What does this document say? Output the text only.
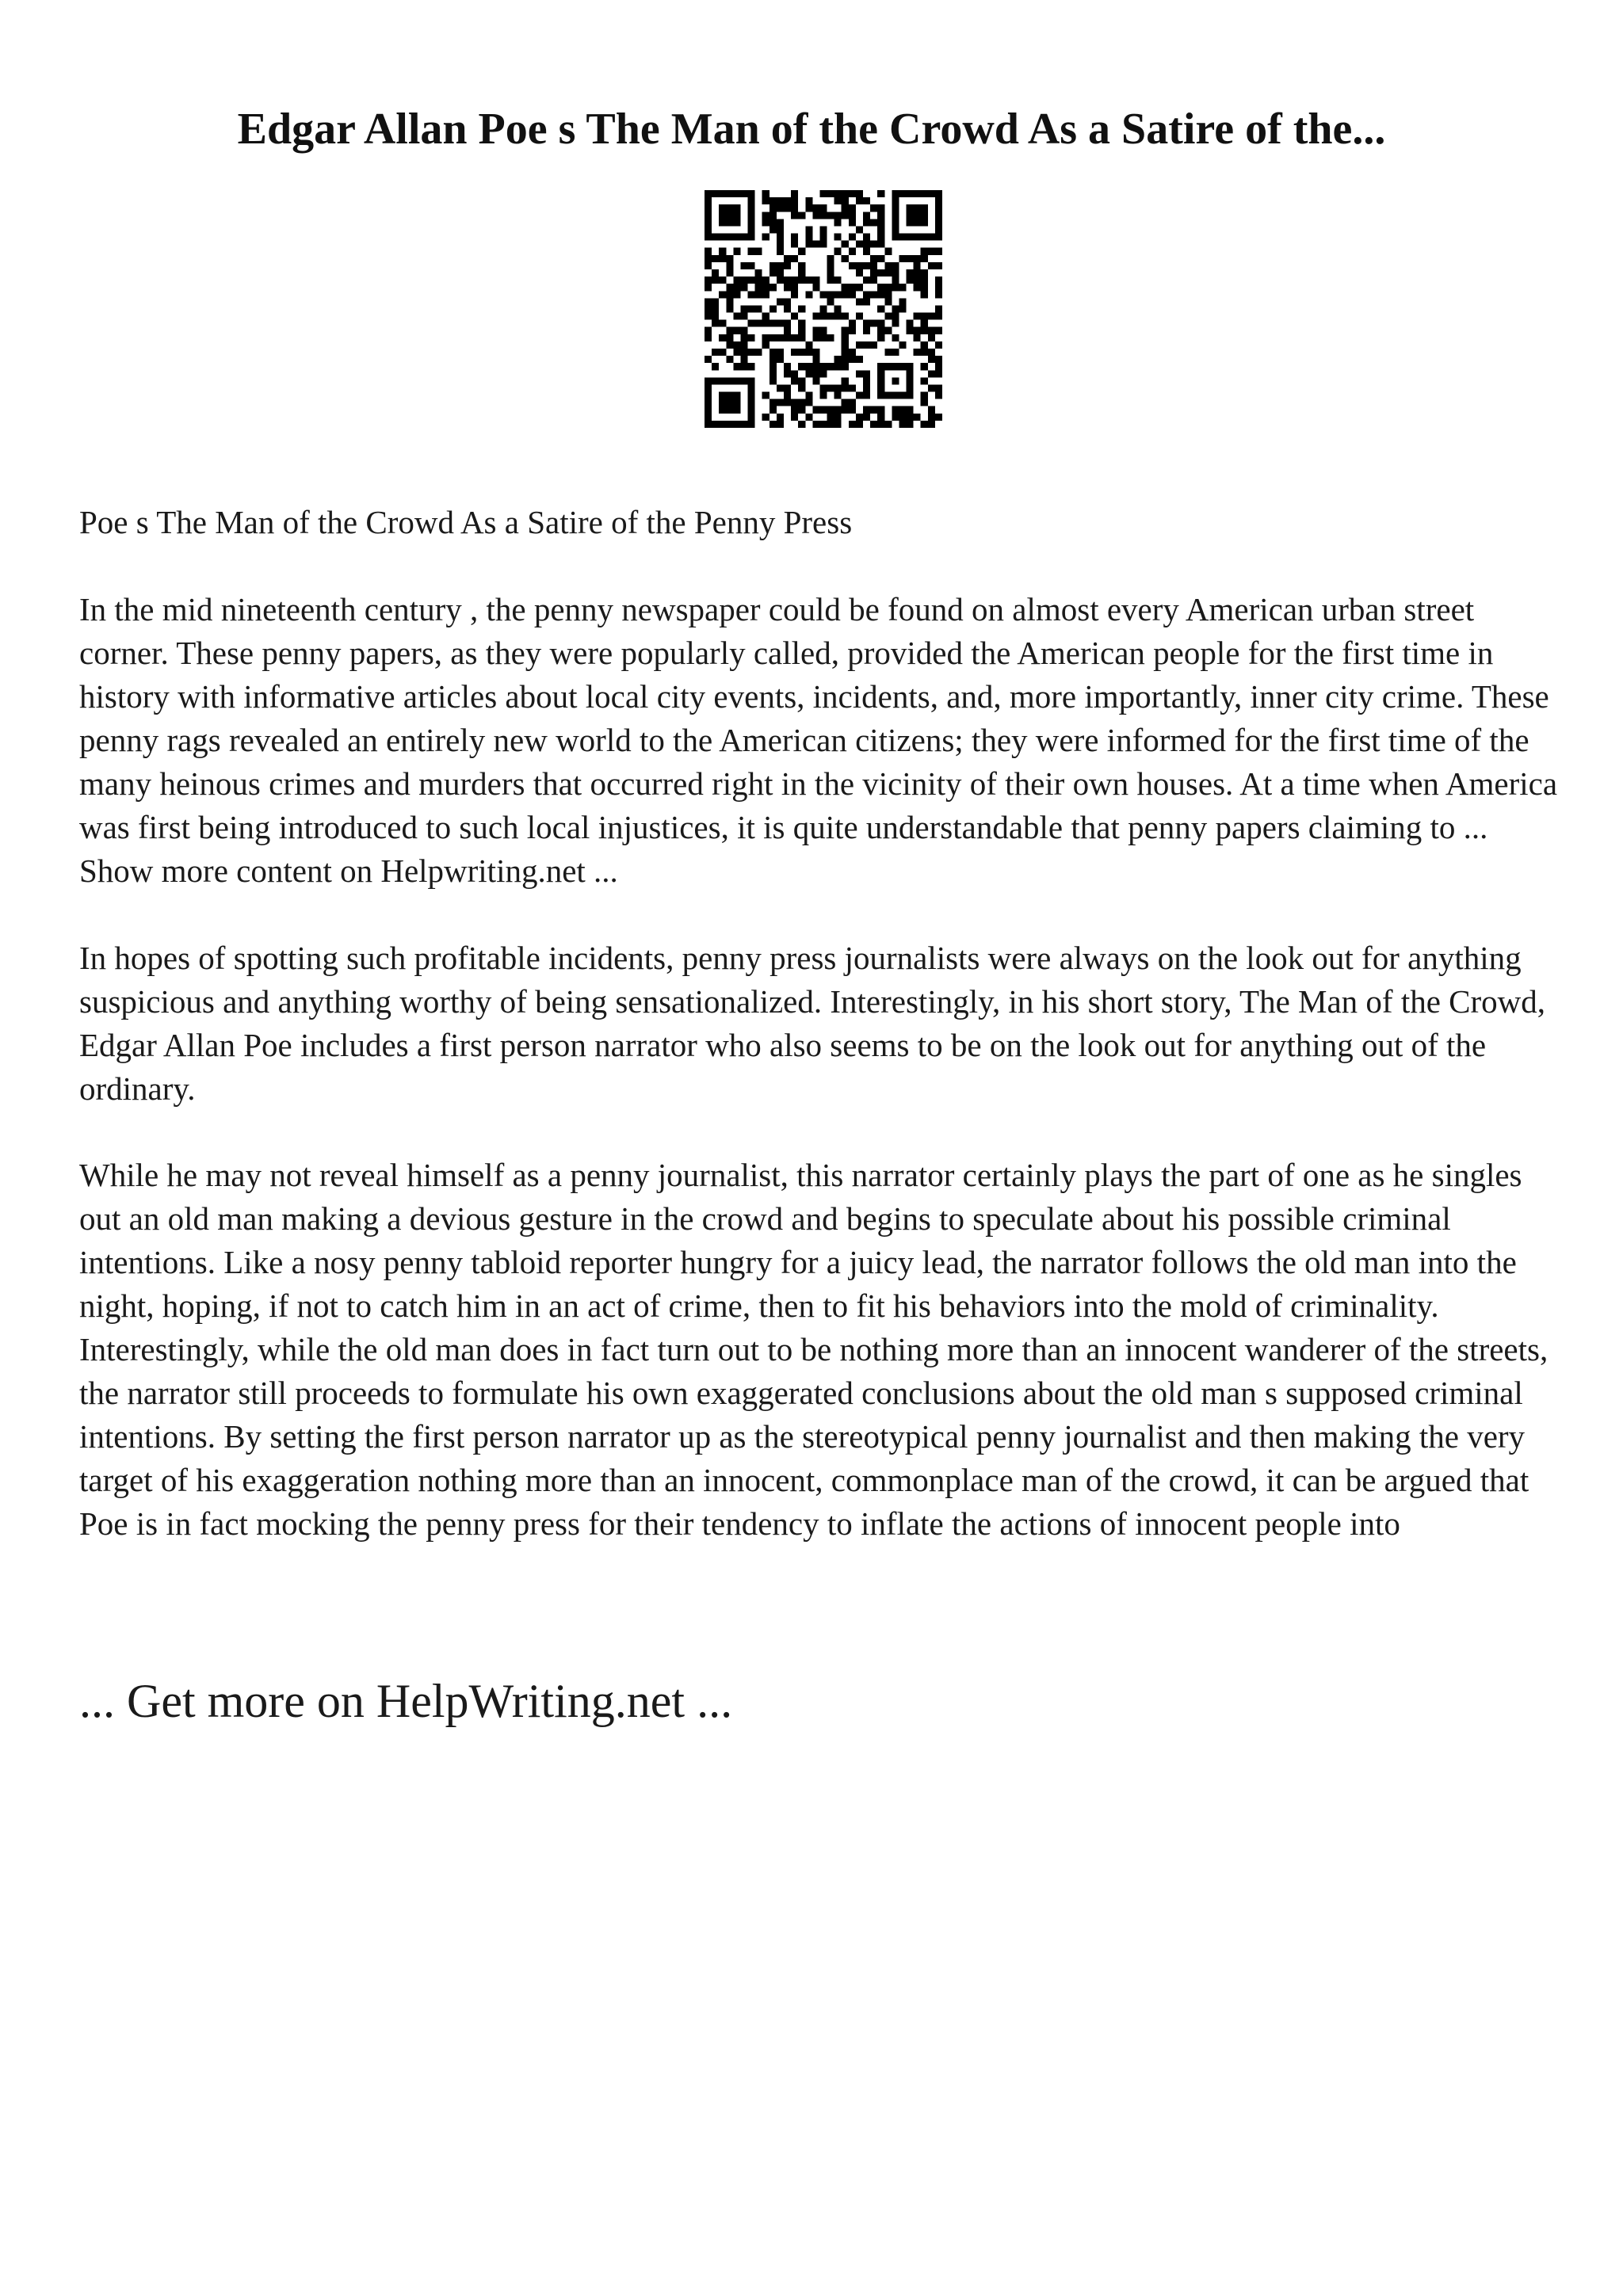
Edgar Allan Poe s The Man of the Crowd As a Satire of the...

Poe s The Man of the Crowd As a Satire of the Penny Press

In the mid nineteenth century , the penny newspaper could be found on almost every American urban street corner. These penny papers, as they were popularly called, provided the American people for the first time in history with informative articles about local city events, incidents, and, more importantly, inner city crime. These penny rags revealed an entirely new world to the American citizens; they were informed for the first time of the many heinous crimes and murders that occurred right in the vicinity of their own houses. At a time when America was first being introduced to such local injustices, it is quite understandable that penny papers claiming to ... Show more content on Helpwriting.net ...

In hopes of spotting such profitable incidents, penny press journalists were always on the look out for anything suspicious and anything worthy of being sensationalized. Interestingly, in his short story, The Man of the Crowd, Edgar Allan Poe includes a first person narrator who also seems to be on the look out for anything out of the ordinary.

While he may not reveal himself as a penny journalist, this narrator certainly plays the part of one as he singles out an old man making a devious gesture in the crowd and begins to speculate about his possible criminal intentions. Like a nosy penny tabloid reporter hungry for a juicy lead, the narrator follows the old man into the night, hoping, if not to catch him in an act of crime, then to fit his behaviors into the mold of criminality. Interestingly, while the old man does in fact turn out to be nothing more than an innocent wanderer of the streets, the narrator still proceeds to formulate his own exaggerated conclusions about the old man s supposed criminal intentions. By setting the first person narrator up as the stereotypical penny journalist and then making the very target of his exaggeration nothing more than an innocent, commonplace man of the crowd, it can be argued that Poe is in fact mocking the penny press for their tendency to inflate the actions of innocent people into

... Get more on HelpWriting.net ...
